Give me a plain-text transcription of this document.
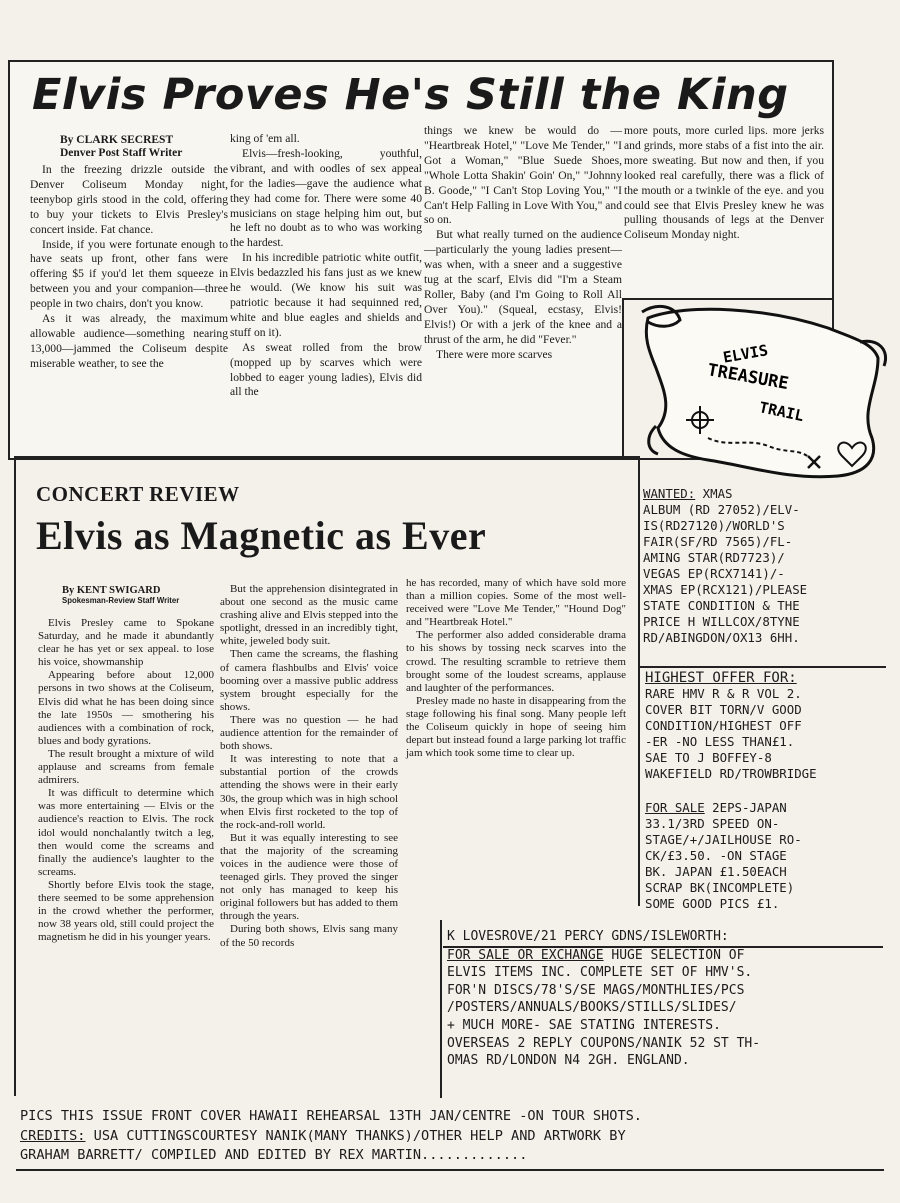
Elvis Proves He's Still the King
By CLARK SECREST
Denver Post Staff Writer

In the freezing drizzle outside the Denver Coliseum Monday night, teenybop girls stood in the cold, offering to buy your tickets to Elvis Presley's concert inside. Fat chance.

Inside, if you were fortunate enough to have seats up front, other fans were offering $5 if you'd let them squeeze in between you and your companion—three people in two chairs, don't you know.

As it was already, the maximum allowable audience—something nearing 13,000—jammed the Coliseum despite miserable weather, to see the

king of 'em all.

Elvis—fresh-looking, youthful, vibrant, and with oodles of sex appeal for the ladies—gave the audience what they had come for. There were some 40 musicians on stage helping him out, but he left no doubt as to who was working the hardest.

In his incredible patriotic white outfit, Elvis bedazzled his fans just as we knew he would. (We know his suit was patriotic because it had sequinned red, white and blue eagles and shields and stuff on it).

As sweat rolled from the brow (mopped up by scarves which were lobbed to eager young ladies), Elvis did all the

things we knew be would do — "Heartbreak Hotel," "Love Me Tender," "I Got a Woman," "Blue Suede Shoes, "Whole Lotta Shakin' Goin' On," "Johnny B. Goode," "I Can't Stop Loving You," "I Can't Help Falling in Love With You," and so on.

But what really turned on the audience—particularly the young ladies present—was when, with a sneer and a suggestive tug at the scarf, Elvis did "I'm a Steam Roller, Baby (and I'm Going to Roll All Over You)." (Squeal, ecstasy, Elvis! Elvis!) Or with a jerk of the knee and a thrust of the arm, he did "Fever."

There were more scarves

more pouts, more curled lips. more jerks and grinds, more stabs of a fist into the air. more sweating. But now and then, if you looked real carefully, there was a flick of the mouth or a twinkle of the eye. and you could see that Elvis Presley knew he was pulling thousands of legs at the Denver Coliseum Monday night.

ELVIS
TREASURE
TRAIL
CONCERT REVIEW
Elvis as Magnetic as Ever
By KENT SWIGARD
Spokesman-Review Staff Writer

Elvis Presley came to Spokane Saturday, and he made it abundantly clear he has yet or sex appeal. to lose his voice, showmanship

Appearing before about 12,000 persons in two shows at the Coliseum, Elvis did what he has been doing since the late 1950s — smothering his audiences with a combination of rock, blues and body gyrations.

The result brought a mixture of wild applause and screams from female admirers.

It was difficult to determine which was more entertaining — Elvis or the audience's reaction to Elvis. The rock idol would nonchalantly twitch a leg, then would come the screams and finally the audience's laughter to the screams.

Shortly before Elvis took the stage, there seemed to be some apprehension in the crowd whether the performer, now 38 years old, still could project the magnetism he did in his younger years.

But the apprehension disintegrated in about one second as the music came crashing alive and Elvis stepped into the spotlight, dressed in an incredibly tight, white, jeweled body suit.

Then came the screams, the flashing of camera flashbulbs and Elvis' voice booming over a massive public address system brought especially for the shows.

There was no question — he had audience attention for the remainder of both shows.

It was interesting to note that a substantial portion of the crowds attending the shows were in their early 30s, the group which was in high school when Elvis first rocketed to the top of the rock-and-roll world.

But it was equally interesting to see that the majority of the screaming voices in the audience were those of teenaged girls. They proved the singer not only has managed to keep his original followers but has added to them through the years.

During both shows, Elvis sang many of the 50 records

he has recorded, many of which have sold more than a million copies. Some of the most well-received were "Love Me Tender," "Hound Dog" and "Heartbreak Hotel."

The performer also added considerable drama to his shows by tossing neck scarves into the crowd. The resulting scramble to retrieve them brought some of the loudest screams, applause and laughter of the performances.

Presley made no haste in disappearing from the stage following his final song. Many people left the Coliseum quickly in hope of seeing him depart but instead found a large parking lot traffic jam which took some time to clear up.

WANTED: XMAS
ALBUM (RD 27052)/ELV-
IS(RD27120)/WORLD'S
FAIR(SF/RD 7565)/FL-
AMING STAR(RD7723)/
VEGAS EP(RCX7141)/-
XMAS EP(RCX121)/PLEASE
STATE CONDITION & THE
PRICE H WILLCOX/8TYNE
RD/ABINGDON/OX13 6HH.
HIGHEST OFFER FOR:
RARE HMV R & R VOL 2.
COVER BIT TORN/V GOOD
CONDITION/HIGHEST OFF
-ER -NO LESS THAN£1.
SAE TO J BOFFEY-8
WAKEFIELD RD/TROWBRIDGE
FOR SALE 2EPS-JAPAN
33.1/3RD SPEED ON-
STAGE/+/JAILHOUSE RO-
CK/£3.50. -ON STAGE
BK. JAPAN £1.50EACH
SCRAP BK(INCOMPLETE)
SOME GOOD PICS £1.
K LOVESROVE/21 PERCY GDNS/ISLEWORTH:
FOR SALE OR EXCHANGE HUGE SELECTION OF
ELVIS ITEMS INC. COMPLETE SET OF HMV'S.
FOR'N DISCS/78'S/SE MAGS/MONTHLIES/PCS
/POSTERS/ANNUALS/BOOKS/STILLS/SLIDES/
+ MUCH MORE- SAE STATING INTERESTS.
OVERSEAS 2 REPLY COUPONS/NANIK 52 ST TH-
OMAS RD/LONDON N4 2GH. ENGLAND.
PICS THIS ISSUE FRONT COVER HAWAII REHEARSAL 13TH JAN/CENTRE -ON TOUR SHOTS.
CREDITS: USA CUTTINGSCOURTESY NANIK(MANY THANKS)/OTHER HELP AND ARTWORK BY
GRAHAM BARRETT/ COMPILED AND EDITED BY REX MARTIN.............
